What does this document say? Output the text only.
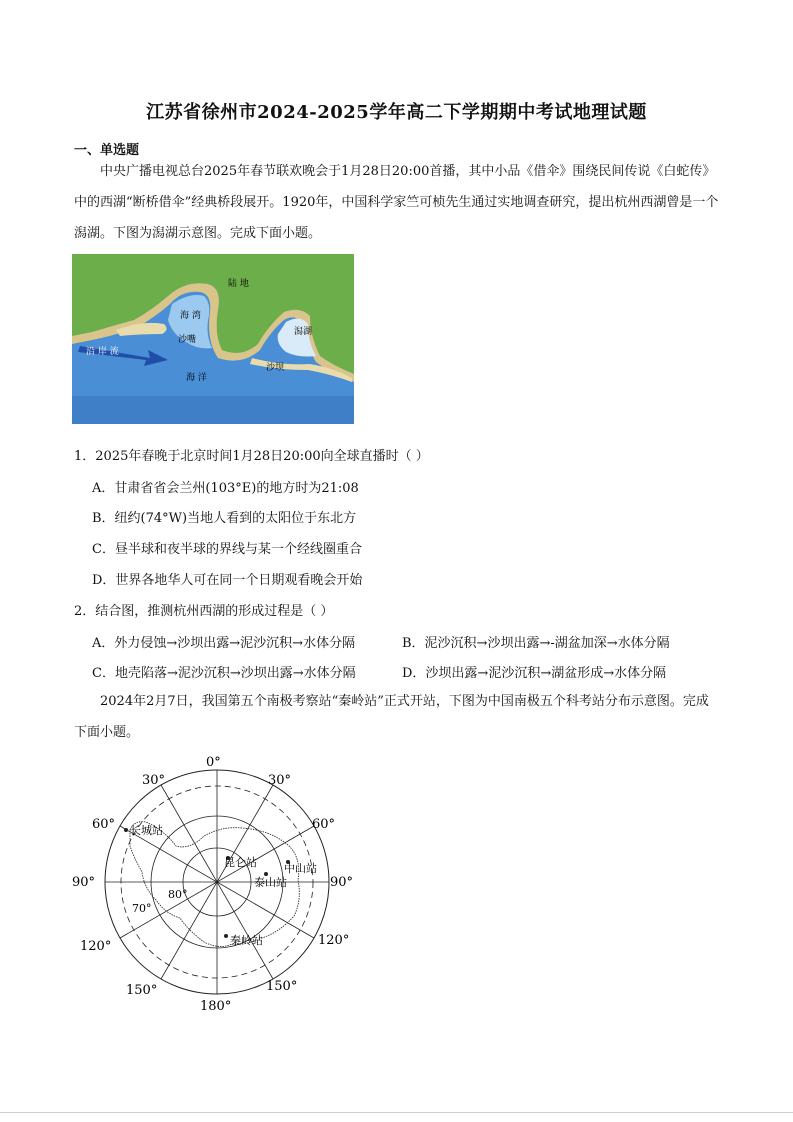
江苏省徐州市2024-2025学年高二下学期期中考试地理试题
一、单选题
中央广播电视总台2025年春节联欢晚会于1月28日20:00首播，其中小品《借伞》围绕民间传说《白蛇传》中的西湖“断桥借伞”经典桥段展开。1920年，中国科学家竺可桢先生通过实地调查研究，提出杭州西湖曾是一个潟湖。下图为潟湖示意图。完成下面小题。
陆 地
海 湾
沙嘴
潟湖
沿 岸 流
沙坝
海 洋
1．2025年春晚于北京时间1月28日20:00向全球直播时（ ）
A．甘肃省省会兰州(103°E)的地方时为21:08
B．纽约(74°W)当地人看到的太阳位于东北方
C．昼半球和夜半球的界线与某一个经线圈重合
D．世界各地华人可在同一个日期观看晚会开始
2．结合图，推测杭州西湖的形成过程是（ ）
A．外力侵蚀→沙坝出露→泥沙沉积→水体分隔	B．泥沙沉积→沙坝出露→-湖盆加深→水体分隔
C．地壳陷落→泥沙沉积→沙坝出露→水体分隔	D．沙坝出露→泥沙沉积→湖盆形成→水体分隔
2024年2月7日，我国第五个南极考察站“秦岭站”正式开站，下图为中国南极五个科考站分布示意图。完成下面小题。
0°
30°	30°
60°	60°
90°	90°
120°	120°
150°	150°
180°
80°
70°
长城站
昆仑站 中山站
泰山站
秦岭站
